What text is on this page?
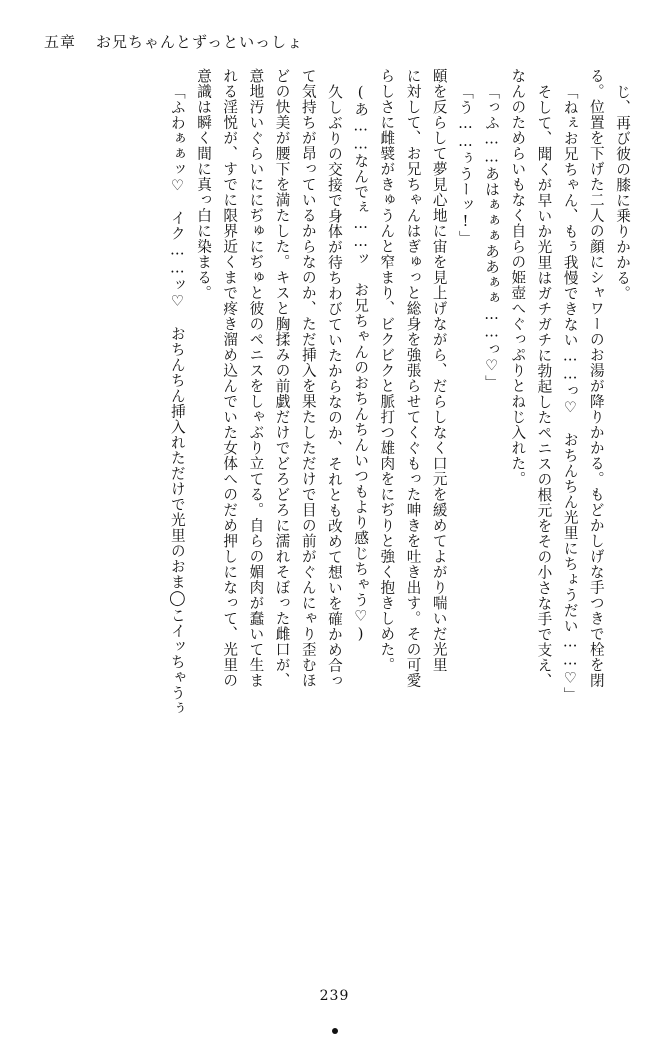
五章 お兄ちゃんとずっといっしょ
じ、再び彼の膝に乗りかかる。
る。位置を下げた二人の顔にシャワーのお湯が降りかかる。もどかしげな手つきで栓を閉
「ねぇお兄ちゃん、もぅ我慢できない……っ♡　おちんちん光里にちょうだい……♡」
そして、聞くが早いか光里はガチガチに勃起したペニスの根元をその小さな手で支え、
なんのためらいもなく自らの姫壺へぐっぷりとねじ入れた。
「っふ……あはぁぁぁああぁぁ……っ♡」
「う……ぅうーッ!」
頤を反らして夢見心地に宙を見上げながら、だらしなく口元を緩めてよがり喘いだ光里
に対して、お兄ちゃんはぎゅっと総身を強張らせてくぐもった呻きを吐き出す。その可愛
らしさに雌襞がきゅうんと窄まり、ビクビクと脈打つ雄肉をにぢりと強く抱きしめた。
(あ……なんでぇ……ッ　お兄ちゃんのおちんちんいつもより感じちゃう♡)
久しぶりの交接で身体が待ちわびていたからなのか、それとも改めて想いを確かめ合っ
て気持ちが昂っているからなのか、ただ挿入を果たしただけで目の前がぐんにゃり歪むほ
どの快美が腰下を満たした。キスと胸揉みの前戯だけでどろどろに濡れそぼった雌口が、
意地汚いぐらいににぢゅにぢゅと彼のペニスをしゃぶり立てる。自らの媚肉が蠢いて生ま
れる淫悦が、すでに限界近くまで疼き溜め込んでいた女体へのだめ押しになって、光里の
意識は瞬く間に真っ白に染まる。
「ふわぁぁッ♡　イク……ッ♡　おちんちん挿入れただけで光里のおま◯こイッちゃうぅ
239
